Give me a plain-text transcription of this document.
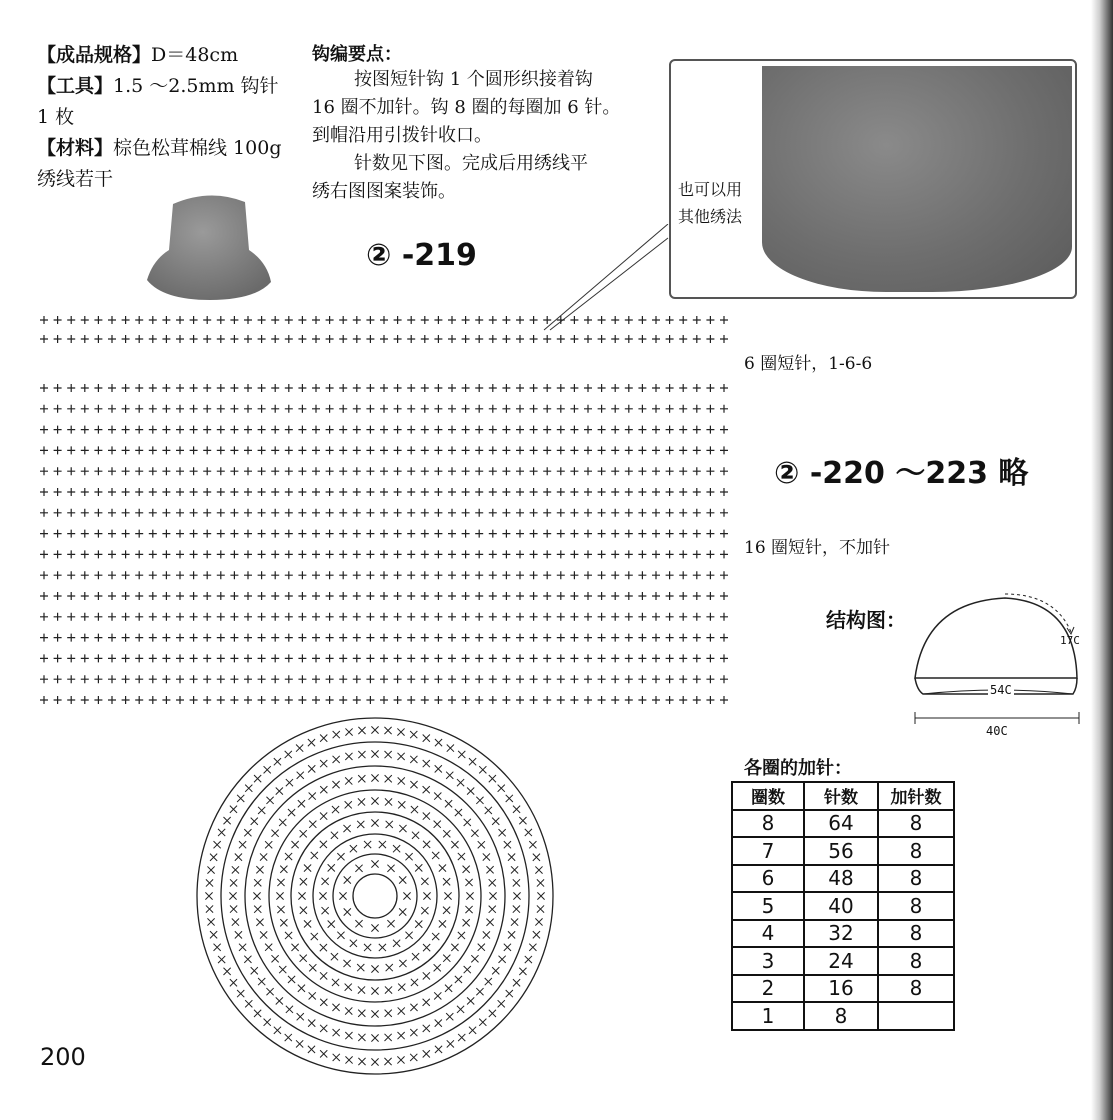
【成品规格】D＝48cm
【工具】1.5 ～2.5mm 钩针
1 枚
【材料】棕色松茸棉线 100g
绣线若干
钩编要点：
按图短针钩 1 个圆形织接着钩
16 圈不加针。钩 8 圈的每圈加 6 针。
到帽沿用引拨针收口。
针数见下图。完成后用绣线平
绣右图图案装饰。
② -219
也可以用
其他绣法
6 圈短针，1-6-6
② -220 ～223 略
16 圈短针，不加针
结构图：
17C
54C
40C
各圈的加针：
圈数	针数	加针数
8	64	8
7	56	8
6	48	8
5	40	8
4	32	8
3	24	8
2	16	8
1	8	
200
